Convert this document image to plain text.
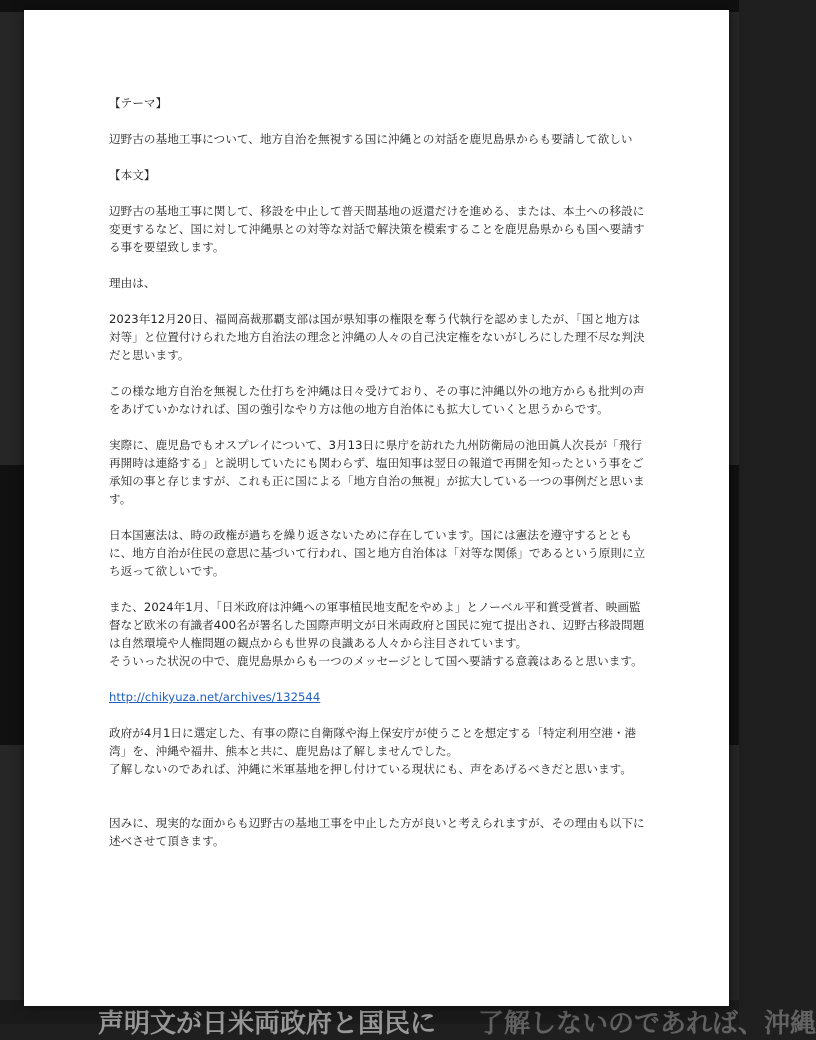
声明文が日米両政府と国民に 了解しないのであれば、沖縄

【テーマ】

辺野古の基地工事について、地方自治を無視する国に沖縄との対話を鹿児島県からも要請して欲しい

【本文】

辺野古の基地工事に関して、移設を中止して普天間基地の返還だけを進める、または、本土への移設に変更するなど、国に対して沖縄県との対等な対話で解決策を模索することを鹿児島県からも国へ要請する事を要望致します。

理由は、

2023年12月20日、福岡高裁那覇支部は国が県知事の権限を奪う代執行を認めましたが、「国と地方は対等」と位置付けられた地方自治法の理念と沖縄の人々の自己決定権をないがしろにした理不尽な判決だと思います。

この様な地方自治を無視した仕打ちを沖縄は日々受けており、その事に沖縄以外の地方からも批判の声をあげていかなければ、国の強引なやり方は他の地方自治体にも拡大していくと思うからです。

実際に、鹿児島でもオスプレイについて、3月13日に県庁を訪れた九州防衛局の池田眞人次長が「飛行再開時は連絡する」と説明していたにも関わらず、塩田知事は翌日の報道で再開を知ったという事をご承知の事と存じますが、これも正に国による「地方自治の無視」が拡大している一つの事例だと思います。

日本国憲法は、時の政権が過ちを繰り返さないために存在しています。国には憲法を遵守するとともに、地方自治が住民の意思に基づいて行われ、国と地方自治体は「対等な関係」であるという原則に立ち返って欲しいです。

また、2024年1月、「日米政府は沖縄への軍事植民地支配をやめよ」とノーベル平和賞受賞者、映画監督など欧米の有識者400名が署名した国際声明文が日米両政府と国民に宛て提出され、辺野古移設問題は自然環境や人権問題の観点からも世界の良識ある人々から注目されています。

そういった状況の中で、鹿児島県からも一つのメッセージとして国へ要請する意義はあると思います。

http://chikyuza.net/archives/132544

政府が4月1日に選定した、有事の際に自衛隊や海上保安庁が使うことを想定する「特定利用空港・港湾」を、沖縄や福井、熊本と共に、鹿児島は了解しませんでした。

了解しないのであれば、沖縄に米軍基地を押し付けている現状にも、声をあげるべきだと思います。

因みに、現実的な面からも辺野古の基地工事を中止した方が良いと考えられますが、その理由も以下に述べさせて頂きます。
